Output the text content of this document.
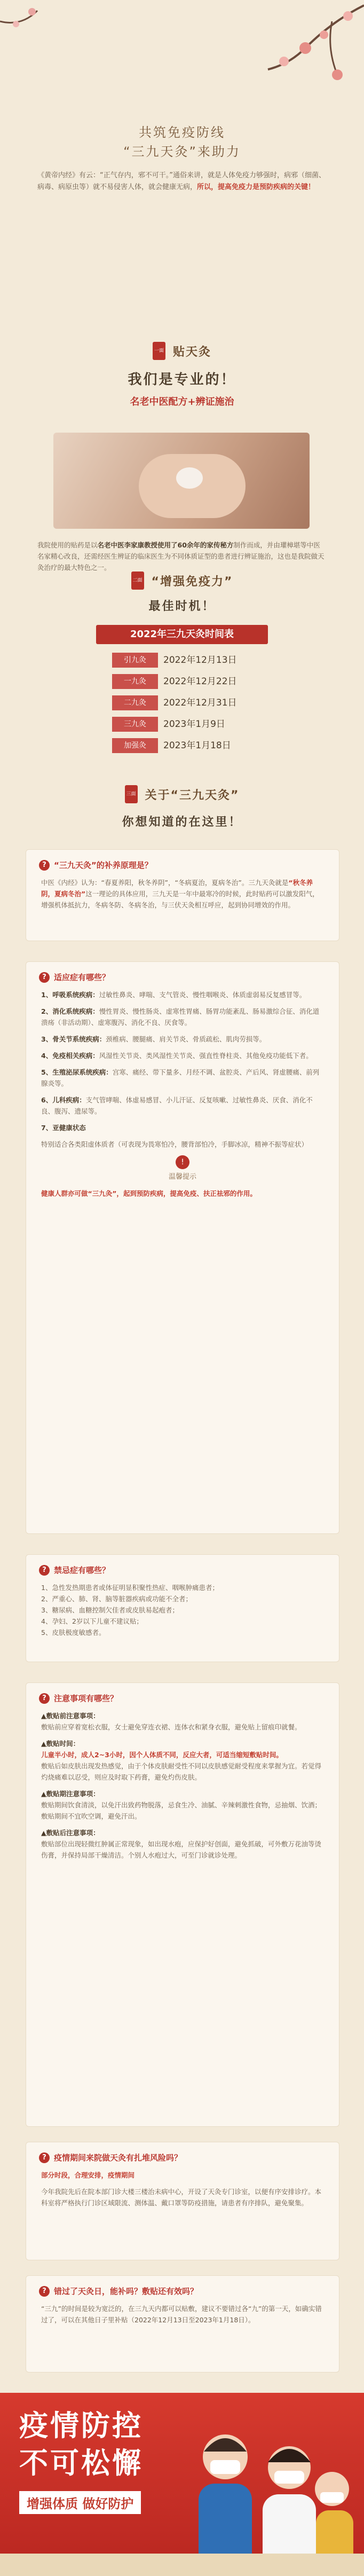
共筑免疫防线
“三九天灸”来助力
《黄帝内经》有云：“正气存内，邪不可干。”通俗来讲，就是人体免疫力够强时，病邪（细菌、病毒、病原虫等）就不易侵害人体，就会健康无病，所以，提高免疫力是预防疾病的关键！
一面 贴天灸
我们是专业的！
名老中医配方+辨证施治
我院使用的贴药是以名老中医李家康教授使用了60余年的家传秘方制作而成，并由瓘樟堪等中医名家精心改良，还需经医生辨证的临床医生为不同体质证型的患者进行辨证施治，这也是我院做天灸治疗的最大特色之一。
二面 “增强免疫力”
最佳时机！
2022年三九天灸时间表
引九灸 2022年12月13日
一九灸 2022年12月22日
二九灸 2022年12月31日
三九灸 2023年1月9日
加强灸 2023年1月18日
三面 关于“三九天灸”
你想知道的在这里！
? “三九天灸”的补养原理是？
中医《内经》认为：“春夏养阳，秋冬养阴”，“冬病夏治，夏病冬治”。三九天灸就是“秋冬养阴，夏病冬治”这一理论的具体应用，三九天是一年中最寒冷的时候，此时贴药可以激发阳气，增强机体抵抗力，冬病冬防、冬病冬治，与三伏天灸相互呼应，起到协同增效的作用。
? 适应症有哪些？

1、呼吸系统疾病：过敏性鼻炎、哮喘、支气管炎、慢性咽喉炎、体质虚弱易反复感冒等。

2、消化系统疾病：慢性胃炎、慢性肠炎、虚寒性胃痛、肠胃功能紊乱、肠易激综合征、消化道溃疡（非活动期）、虚寒腹泻、消化不良、厌食等。

3、骨关节系统疾病：颈椎病、腰腿痛、肩关节炎、骨质疏松、肌肉劳损等。

4、免疫相关疾病：风湿性关节炎、类风湿性关节炎、强直性脊柱炎、其他免疫功能低下者。

5、生殖泌尿系统疾病：宫寒、痛经、带下量多、月经不调、盆腔炎、产后风、肾虚腰痛、前列腺炎等。

6、儿科疾病：支气管哮喘、体虚易感冒、小儿汗证、反复咳嗽、过敏性鼻炎、厌食、消化不良、腹泻、遗尿等。

7、亚健康状态

特别适合各类阳虚体质者（可表现为畏寒怕冷，腰背部怕冷，手脚冰凉，精神不振等症状）

!
温馨提示

健康人群亦可做“三九灸”，起到预防疾病，提高免疫、扶正祛邪的作用。

? 禁忌症有哪些？
1、急性发热期患者或体征明显积聚性热症、咽喉肿痛患者；
2、严重心、肺、肾、脑等脏器疾病或功能不全者；
3、糖尿病、血糖控制欠佳者或皮肤易起疱者；
4、孕妇、2岁以下儿童不建议贴；
5、皮肤极度敏感者。
? 注意事项有哪些？

▲敷贴前注意事项：
敷贴前应穿着宽松衣服，女士避免穿连衣裙、连体衣和紧身衣服，避免贴上留痕印就餐。

▲敷贴时间：
儿童半小时，成人2~3小时，因个人体质不同，反应大者，可适当缩短敷贴时间。
敷贴后如皮肤出现发热感觉，由于个体皮肤耐受性不同以皮肤感觉耐受程度来掌握为宜。若觉得灼烧痛难以忍受，则应及时取下药膏，避免灼伤皮肤。

▲敷贴期注意事项：
敷贴期间饮食清淡，以免汗出致药物脱落，忌食生冷、油腻、辛辣刺激性食物，忌抽烟、饮酒；敷贴期间不宜吹空调，避免汗出。

▲敷贴后注意事项：
敷贴部位出现轻微红肿属正常现象，如出现水疱，应保护好创面，避免抓破，可外敷万花油等烫伤膏，并保持局部干燥清洁。个别人水疱过大，可至门诊就诊处理。

? 疫情期间来院做天灸有扎堆风险吗？

部分时段，合理安排，疫情期间

今年我院先后在院本部门诊大楼三楼治未病中心，开设了天灸专门诊室，以便有序安排诊疗。本科室将严格执行门诊区域限流、测体温、戴口罩等防疫措施，请患者有序排队，避免聚集。

? 错过了天灸日，能补吗？敷贴还有效吗？

“三九”的时间是较为宽泛的，在三九天内都可以贴敷，建议不要错过各“九”的第一天，如确实错过了，可以在其他日子里补贴（2022年12月13日至2023年1月18日）。

疫情防控
不可松懈
增强体质 做好防护
